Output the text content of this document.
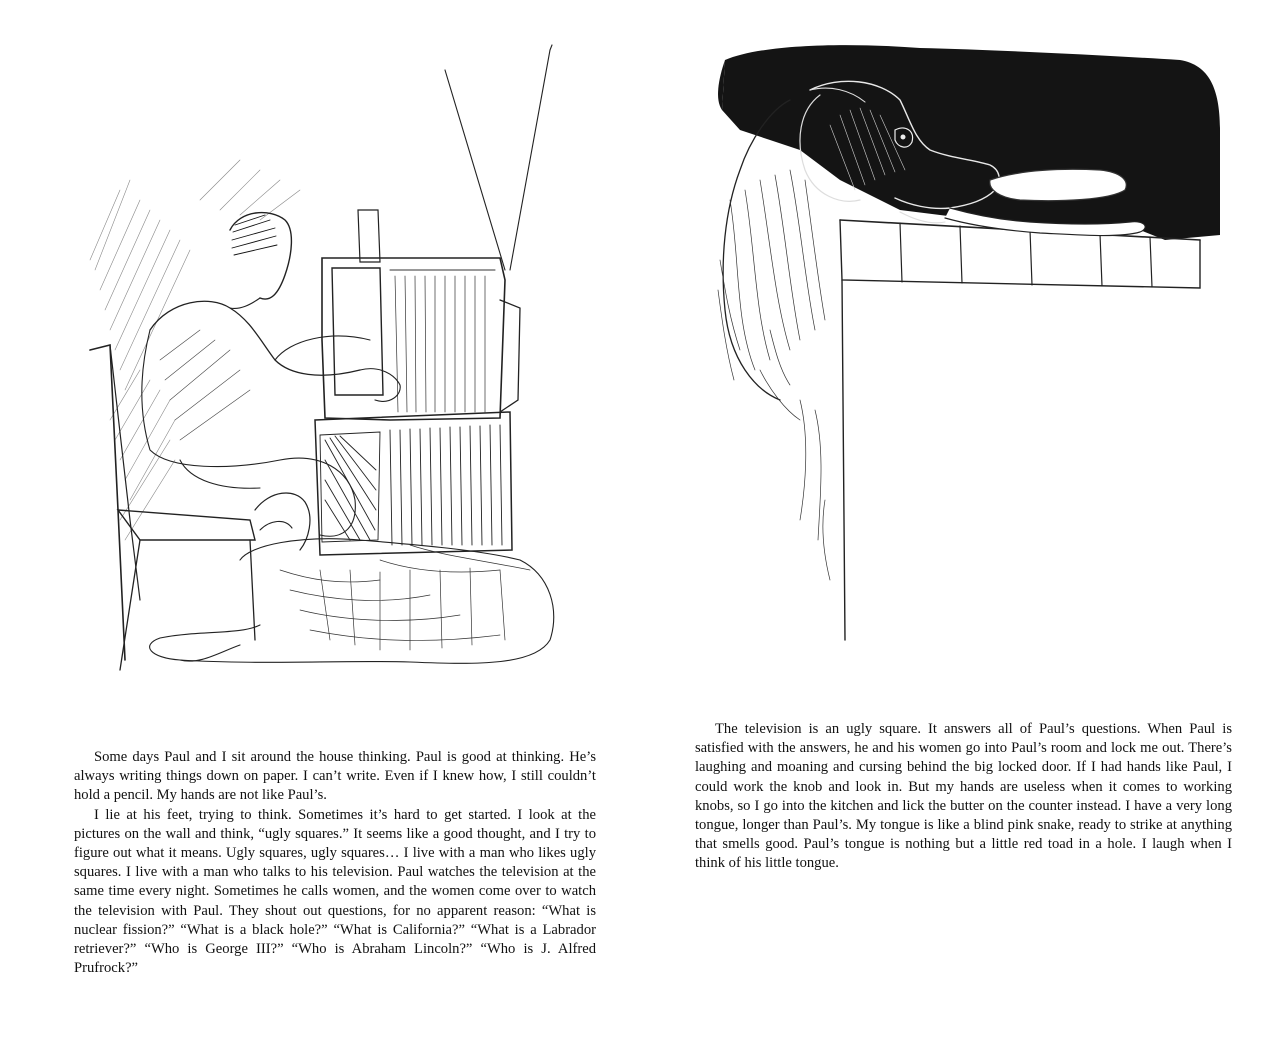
Some days Paul and I sit around the house thinking. Paul is good at thinking. He’s always writing things down on paper. I can’t write. Even if I knew how, I still couldn’t hold a pencil. My hands are not like Paul’s.

I lie at his feet, trying to think. Sometimes it’s hard to get started. I look at the pictures on the wall and think, “ugly squares.” It seems like a good thought, and I try to figure out what it means. Ugly squares, ugly squares… I live with a man who likes ugly squares. I live with a man who talks to his television. Paul watches the television at the same time every night. Sometimes he calls women, and the women come over to watch the television with Paul. They shout out questions, for no apparent reason: “What is nuclear fission?” “What is a black hole?” “What is California?” “What is a Labrador retriever?” “Who is George III?” “Who is Abraham Lincoln?” “Who is J. Alfred Prufrock?”

The television is an ugly square. It answers all of Paul’s questions. When Paul is satisfied with the answers, he and his women go into Paul’s room and lock me out. There’s laughing and moaning and cursing behind the big locked door. If I had hands like Paul, I could work the knob and look in. But my hands are useless when it comes to working knobs, so I go into the kitchen and lick the butter on the counter instead. I have a very long tongue, longer than Paul’s. My tongue is like a blind pink snake, ready to strike at anything that smells good. Paul’s tongue is nothing but a little red toad in a hole. I laugh when I think of his little tongue.
